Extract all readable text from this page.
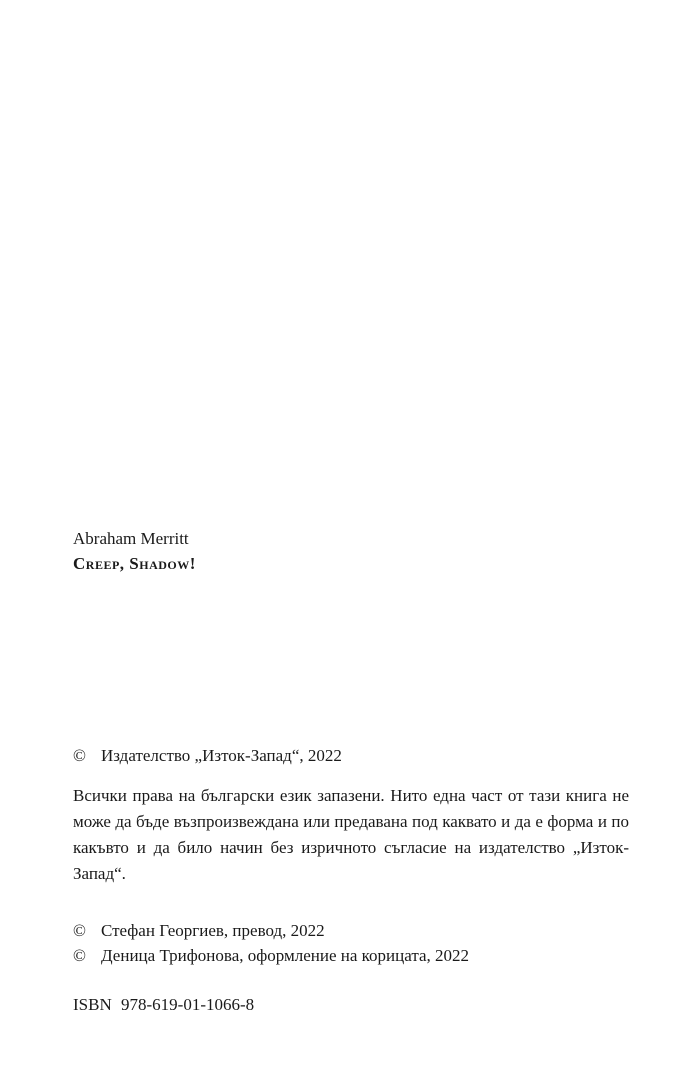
Abraham Merritt
Creep, Shadow!
© Издателство „Изток-Запад“, 2022
Всички права на български език запазени. Нито една част от тази книга не може да бъде възпроизвеждана или предавана под каквато и да е форма и по какъвто и да било начин без изричното съгласие на издателство „Изток-Запад“.
© Стефан Георгиев, превод, 2022
© Деница Трифонова, оформление на корицата, 2022
ISBN 978-619-01-1066-8
